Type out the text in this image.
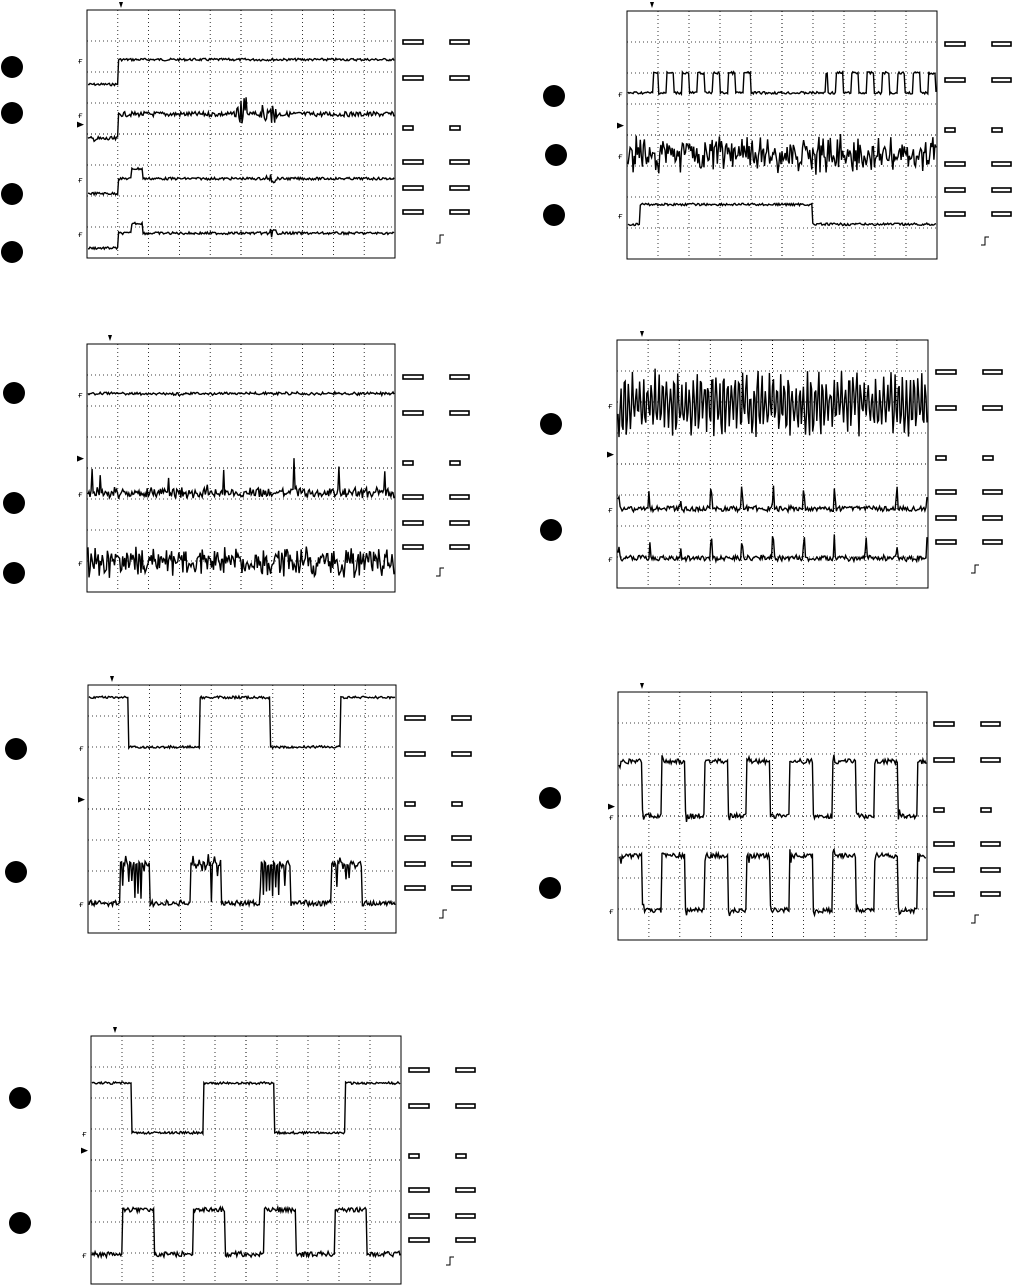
ғ
ғ
ғ
ғ
ғ
ғ
ғ
ғ
ғ
ғ
ғ
ғ
ғ
ғ
ғ
ғ
ғ
ғ
ғ
